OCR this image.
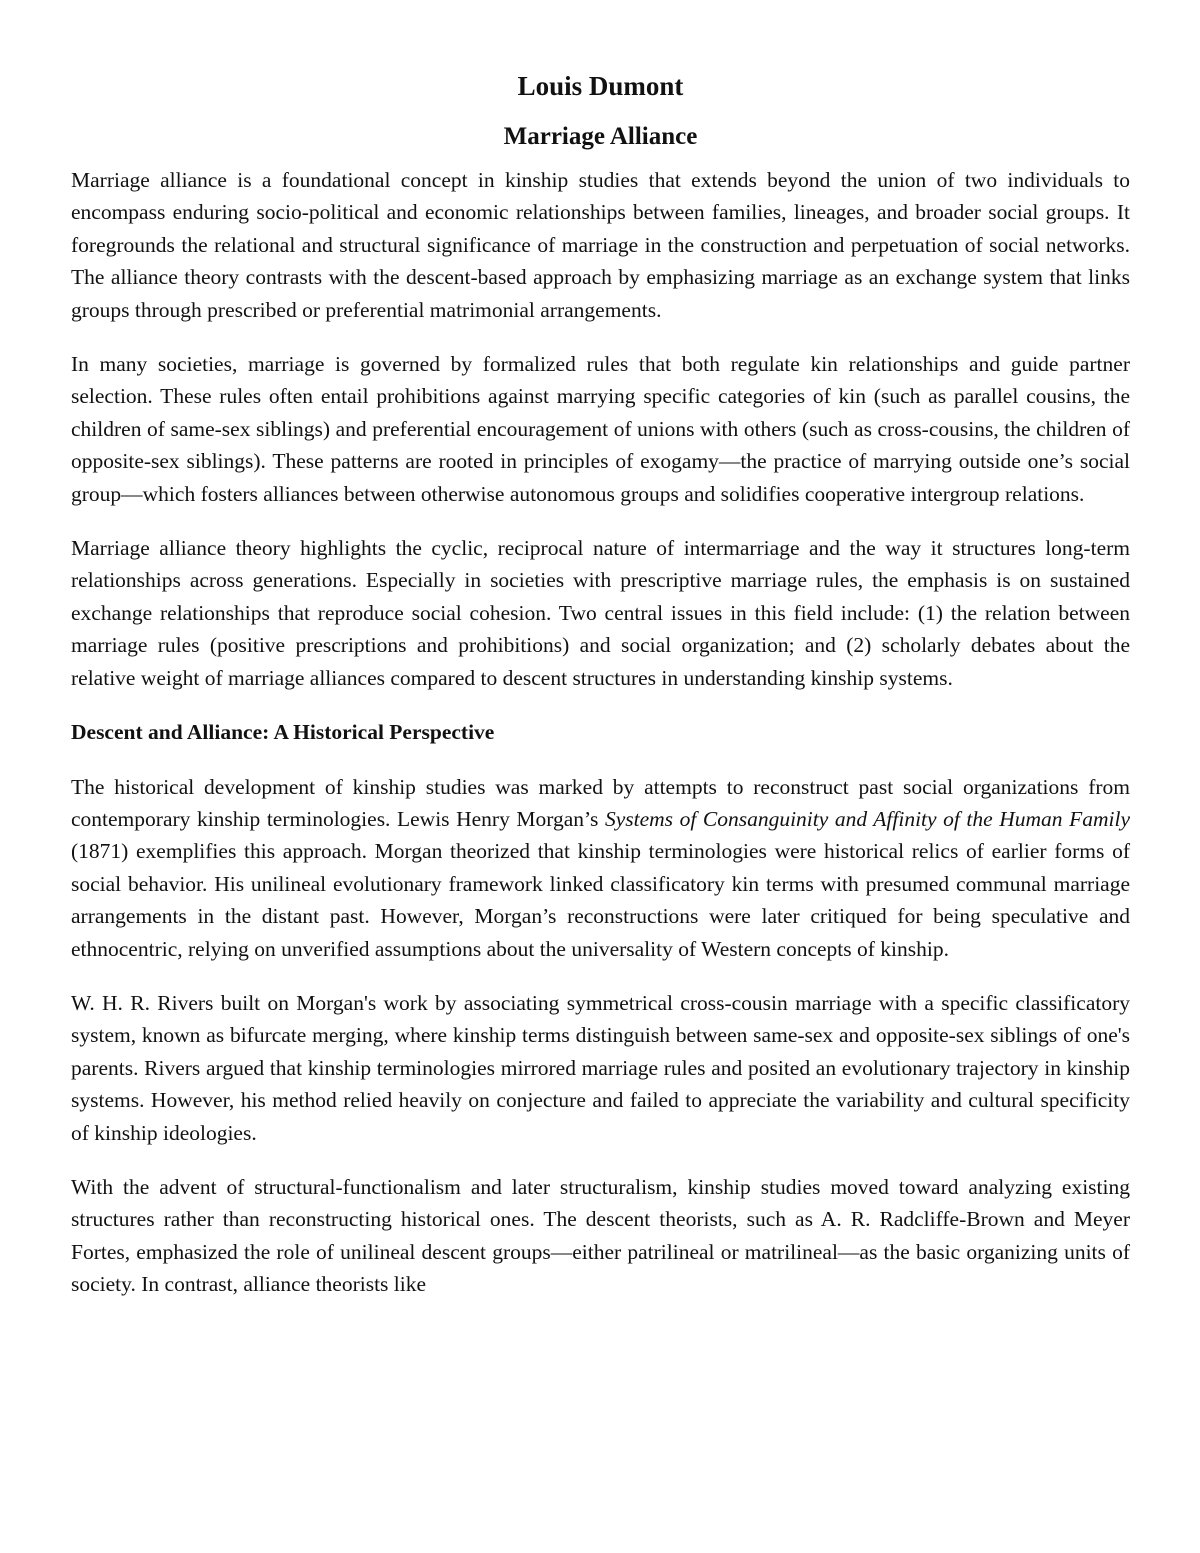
Louis Dumont
Marriage Alliance

Marriage alliance is a foundational concept in kinship studies that extends beyond the union of two individuals to encompass enduring socio-political and economic relationships between families, lineages, and broader social groups. It foregrounds the relational and structural significance of marriage in the construction and perpetuation of social networks. The alliance theory contrasts with the descent-based approach by emphasizing marriage as an exchange system that links groups through prescribed or preferential matrimonial arrangements.

In many societies, marriage is governed by formalized rules that both regulate kin relationships and guide partner selection. These rules often entail prohibitions against marrying specific categories of kin (such as parallel cousins, the children of same-sex siblings) and preferential encouragement of unions with others (such as cross-cousins, the children of opposite-sex siblings). These patterns are rooted in principles of exogamy—the practice of marrying outside one’s social group—which fosters alliances between otherwise autonomous groups and solidifies cooperative intergroup relations.

Marriage alliance theory highlights the cyclic, reciprocal nature of intermarriage and the way it structures long-term relationships across generations. Especially in societies with prescriptive marriage rules, the emphasis is on sustained exchange relationships that reproduce social cohesion. Two central issues in this field include: (1) the relation between marriage rules (positive prescriptions and prohibitions) and social organization; and (2) scholarly debates about the relative weight of marriage alliances compared to descent structures in understanding kinship systems.

Descent and Alliance: A Historical Perspective

The historical development of kinship studies was marked by attempts to reconstruct past social organizations from contemporary kinship terminologies. Lewis Henry Morgan’s Systems of Consanguinity and Affinity of the Human Family (1871) exemplifies this approach. Morgan theorized that kinship terminologies were historical relics of earlier forms of social behavior. His unilineal evolutionary framework linked classificatory kin terms with presumed communal marriage arrangements in the distant past. However, Morgan’s reconstructions were later critiqued for being speculative and ethnocentric, relying on unverified assumptions about the universality of Western concepts of kinship.

W. H. R. Rivers built on Morgan's work by associating symmetrical cross-cousin marriage with a specific classificatory system, known as bifurcate merging, where kinship terms distinguish between same-sex and opposite-sex siblings of one's parents. Rivers argued that kinship terminologies mirrored marriage rules and posited an evolutionary trajectory in kinship systems. However, his method relied heavily on conjecture and failed to appreciate the variability and cultural specificity of kinship ideologies.

With the advent of structural-functionalism and later structuralism, kinship studies moved toward analyzing existing structures rather than reconstructing historical ones. The descent theorists, such as A. R. Radcliffe-Brown and Meyer Fortes, emphasized the role of unilineal descent groups—either patrilineal or matrilineal—as the basic organizing units of society. In contrast, alliance theorists like
